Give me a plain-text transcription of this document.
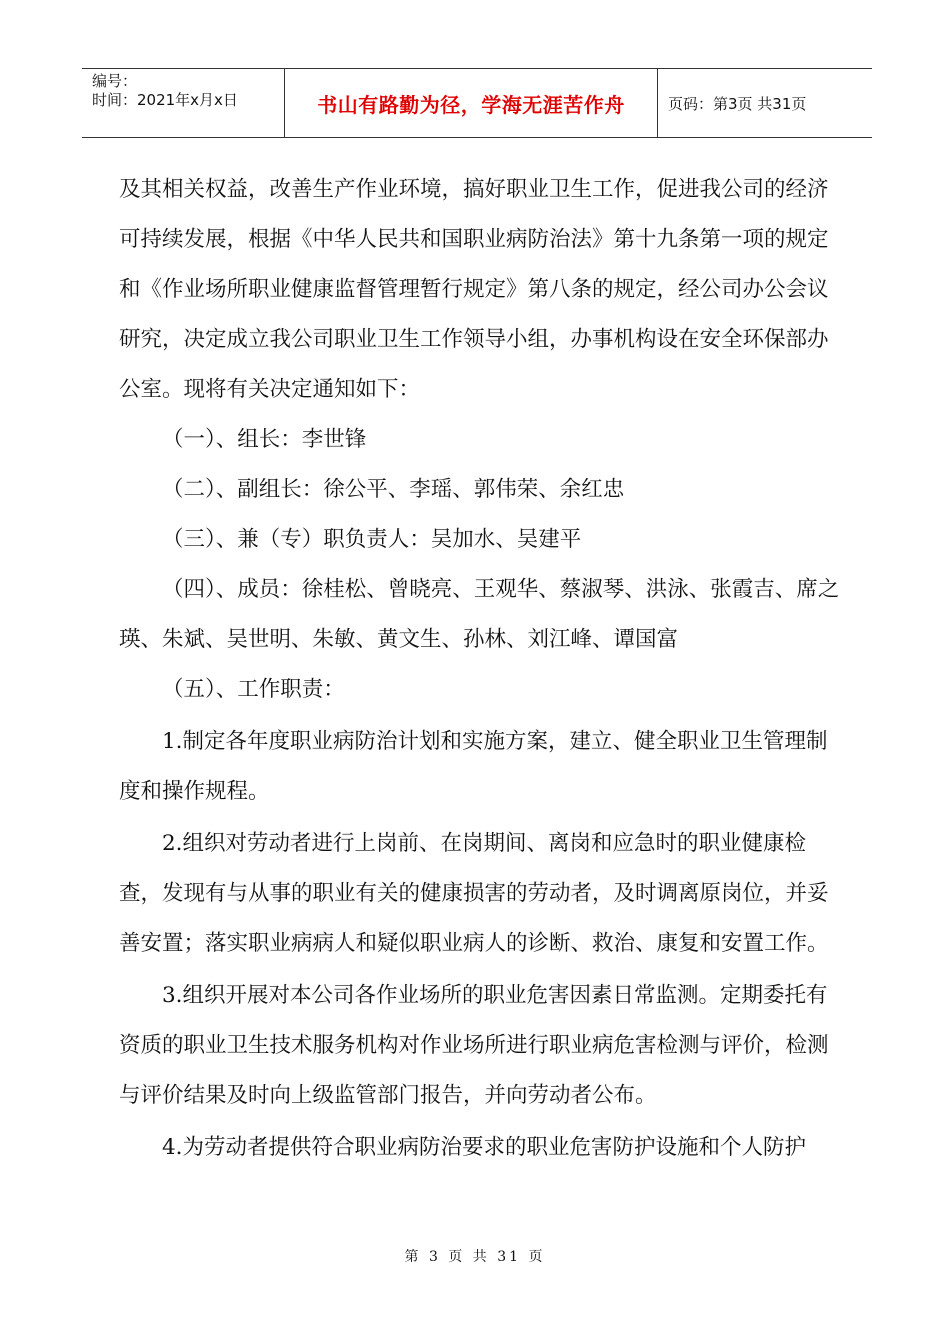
编号：
时间：2021年x月x日	书山有路勤为径，学海无涯苦作舟	页码：第3页 共31页

及其相关权益，改善生产作业环境，搞好职业卫生工作，促进我公司的经济可持续发展，根据《中华人民共和国职业病防治法》第十九条第一项的规定和《作业场所职业健康监督管理暂行规定》第八条的规定，经公司办公会议研究，决定成立我公司职业卫生工作领导小组，办事机构设在安全环保部办公室。现将有关决定通知如下：

（一）、组长：李世锋

（二）、副组长：徐公平、李瑶、郭伟荣、余红忠

（三）、兼（专）职负责人：吴加水、吴建平

（四）、成员：徐桂松、曾晓亮、王观华、蔡淑琴、洪泳、张霞吉、席之瑛、朱斌、吴世明、朱敏、黄文生、孙林、刘江峰、谭国富

（五）、工作职责：

1.制定各年度职业病防治计划和实施方案，建立、健全职业卫生管理制度和操作规程。

2.组织对劳动者进行上岗前、在岗期间、离岗和应急时的职业健康检查，发现有与从事的职业有关的健康损害的劳动者，及时调离原岗位，并妥善安置；落实职业病病人和疑似职业病人的诊断、救治、康复和安置工作。

3.组织开展对本公司各作业场所的职业危害因素日常监测。定期委托有资质的职业卫生技术服务机构对作业场所进行职业病危害检测与评价，检测与评价结果及时向上级监管部门报告，并向劳动者公布。

4.为劳动者提供符合职业病防治要求的职业危害防护设施和个人防护

第 3 页 共 31 页
